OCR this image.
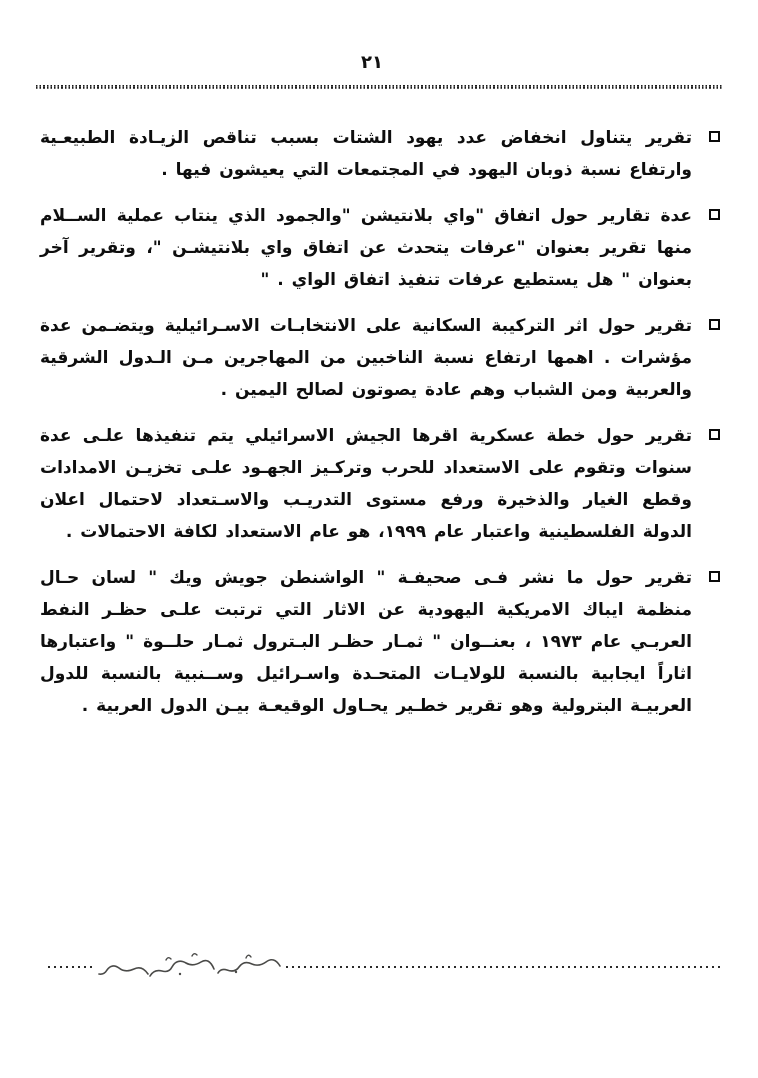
٢١

تقرير يتناول انخفاض عدد يهود الشتات بسبب تناقص الزيـادة الطبيعـية وارتفاع نسبة ذوبان اليهود في المجتمعات التي يعيشون فيها .

عدة تقارير حول اتفاق "واي بلانتيشن "والجمود الذي ينتاب عملية الســلام منها تقرير بعنوان "عرفات يتحدث عن اتفاق واي بلانتيشـن "، وتقرير آخر بعنوان " هل يستطيع عرفات تنفيذ اتفاق الواي . "

تقرير حول اثر التركيبة السكانية على الانتخابـات الاسـرائيلية ويتضـمن عدة مؤشرات . اهمها ارتفاع نسبة الناخبين من المهاجرين مـن الـدول الشرقية والعربية ومن الشباب وهم عادة يصوتون لصالح اليمين .

تقرير حول خطة عسكرية اقرها الجيش الاسرائيلي يتم تنفيذها علـى عدة سنوات وتقوم على الاستعداد للحرب وتركـيز الجهـود علـى تخزيـن الامدادات وقطع الغيار والذخيرة ورفع مستوى التدريـب والاسـتعداد لاحتمال اعلان الدولة الفلسطينية واعتبار عام ١٩٩٩، هو عام الاستعداد لكافة الاحتمالات .

تقرير حول ما نشر فـى صحيفـة " الواشنطن جويش ويك " لسان حـال منظمة ايباك الامريكية اليهودية عن الاثار التي ترتبت علـى حظـر النفط العربـي عام ١٩٧٣ ، بعنــوان " ثمـار حظـر البـترول ثمـار حلــوة " واعتبارها اثاراً ايجابية بالنسبة للولايـات المتحـدة واسـرائيل وســنبية بالنسبة للدول العربيـة البترولية وهو تقرير خطـير يحـاول الوقيعـة بيـن الدول العربية .
